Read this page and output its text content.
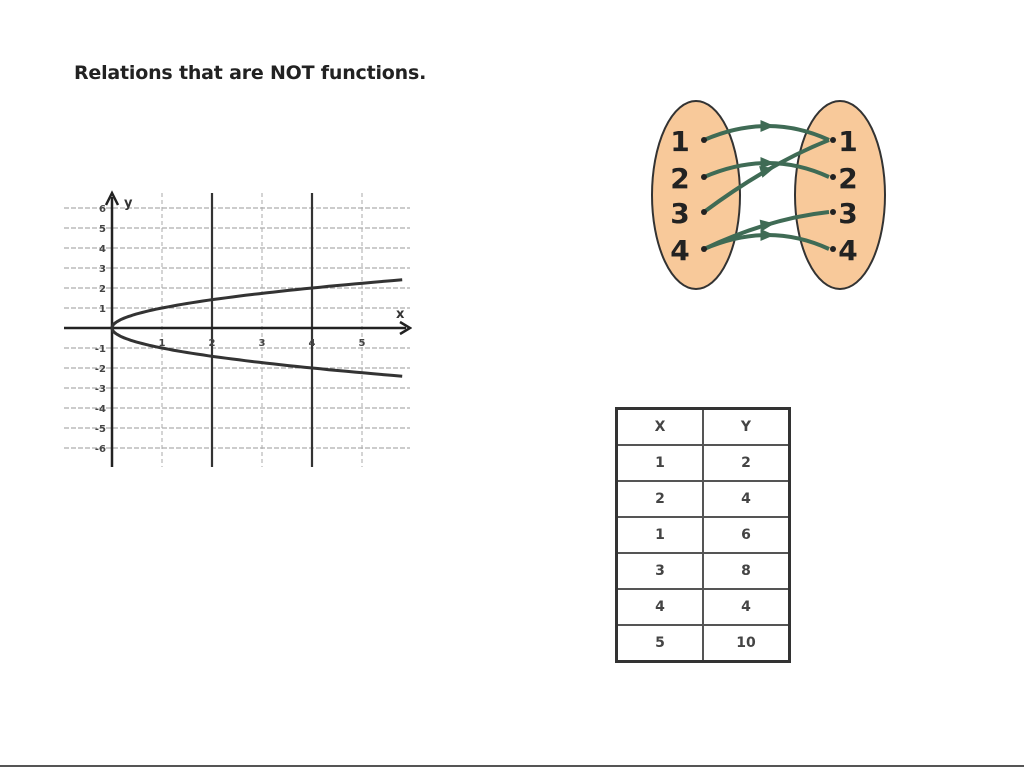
Relations that are NOT functions.
6
5
4
3
2
1
-1
-2
-3
-4
-5
-6
1	2	3	4	5
x
y
1
2
3
4
1
2
3
4
X	Y
1	2
2	4
1	6
3	8
4	4
5	10
